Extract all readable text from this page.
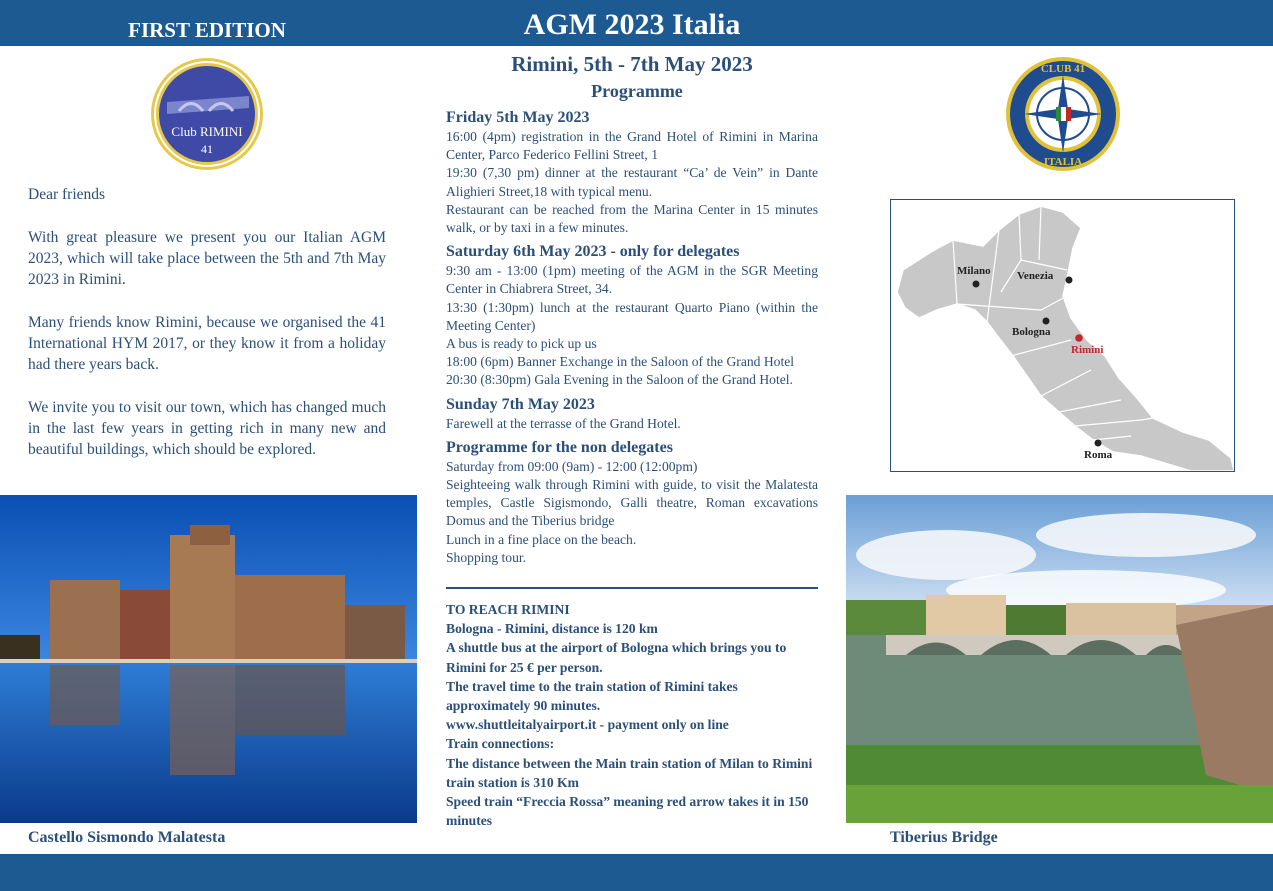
FIRST EDITION	AGM 2023 Italia
Rimini, 5th - 7th May 2023
Programme
Club RIMINI
41
CLUB 41
ITALIA

Dear friends

With great pleasure we present you our Italian AGM 2023, which will take place between the 5th and 7th May 2023 in Rimini.

Many friends know Rimini, because we organised the 41 International HYM 2017, or they know it from a holiday had there years back.

We invite you to visit our town, which has changed much in the last few years in getting rich in many new and beautiful buildings, which should be explored.

Friday 5th May 2023
16:00 (4pm) registration in the Grand Hotel of Rimini in Marina Center, Parco Federico Fellini Street, 1
19:30 (7,30 pm) dinner at the restaurant “Ca’ de Vein” in Dante Alighieri Street,18 with typical menu.
Restaurant can be reached from the Marina Center in 15 minutes walk, or by taxi in a few minutes.
Saturday 6th May 2023 - only for delegates
9:30 am - 13:00 (1pm) meeting of the AGM in the SGR Meeting Center in Chiabrera Street, 34.
13:30 (1:30pm) lunch at the restaurant Quarto Piano (within the Meeting Center)
A bus is ready to pick up us
18:00 (6pm) Banner Exchange in the Saloon of the Grand Hotel
20:30 (8:30pm) Gala Evening in the Saloon of the Grand Hotel.
Sunday 7th May 2023
Farewell at the terrasse of the Grand Hotel.
Programme for the non delegates
Saturday from 09:00 (9am) - 12:00 (12:00pm)
Seighteeing walk through Rimini with guide, to visit the Malatesta temples, Castle Sigismondo, Galli theatre, Roman excavations Domus and the Tiberius bridge
Lunch in a fine place on the beach.
Shopping tour.
TO REACH RIMINI
Bologna - Rimini, distance is 120 km
A shuttle bus at the airport of Bologna which brings you to Rimini for 25 € per person.
The travel time to the train station of Rimini takes approximately 90 minutes.
www.shuttleitalyairport.it - payment only on line
Train connections:
The distance between the Main train station of Milan to Rimini train station is 310 Km
Speed train “Freccia Rossa” meaning red arrow takes it in 150 minutes
Milano Venezia
Bologna
Rimini
Roma
Castello Sismondo Malatesta	Tiberius Bridge
